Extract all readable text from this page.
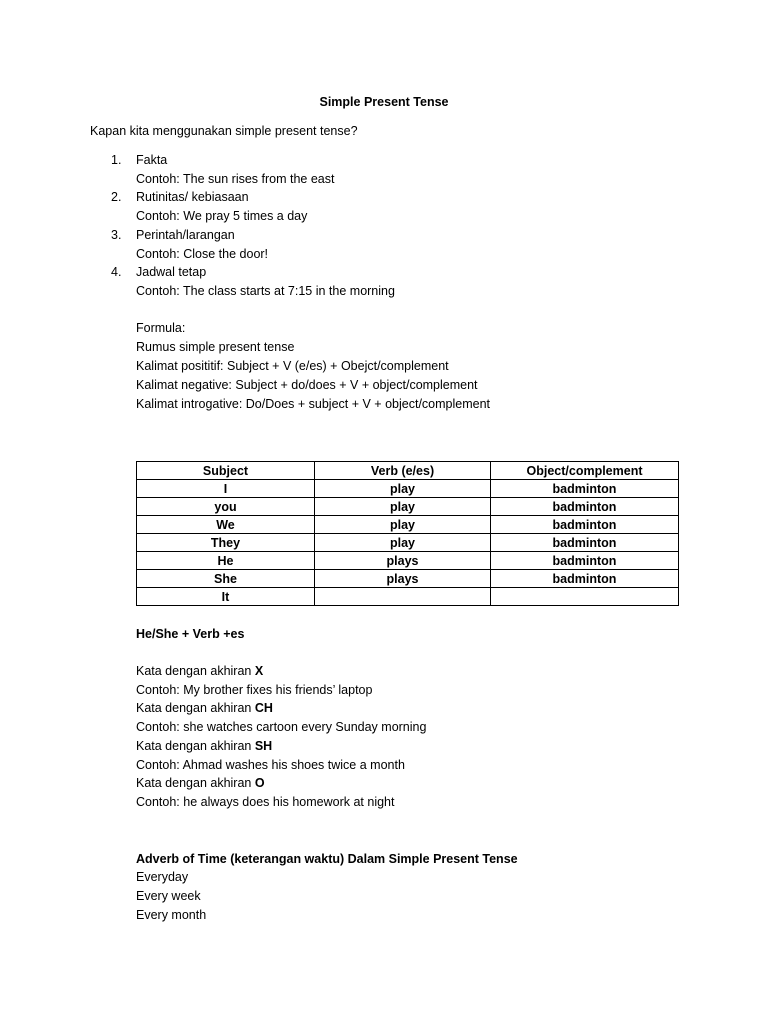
Simple Present Tense
Kapan kita menggunakan simple present tense?
1.	Fakta
Contoh: The sun rises from the east
2.	Rutinitas/ kebiasaan
Contoh: We pray 5 times a day
3.	Perintah/larangan
Contoh: Close the door!
4.	Jadwal tetap
Contoh: The class starts at 7:15 in the morning
Formula:
Rumus simple present tense
Kalimat posititif: Subject + V (e/es) + Obejct/complement
Kalimat negative: Subject + do/does + V + object/complement
Kalimat introgative: Do/Does + subject + V + object/complement
Subject	Verb (e/es)	Object/complement
I	play	badminton
you	play	badminton
We	play	badminton
They	play	badminton
He	plays	badminton
She	plays	badminton
It		
He/She + Verb +es
Kata dengan akhiran X
Contoh: My brother fixes his friends’ laptop
Kata dengan akhiran CH
Contoh: she watches cartoon every Sunday morning
Kata dengan akhiran SH
Contoh: Ahmad washes his shoes twice a month
Kata dengan akhiran O
Contoh: he always does his homework at night
Adverb of Time (keterangan waktu) Dalam Simple Present Tense
Everyday
Every week
Every month
